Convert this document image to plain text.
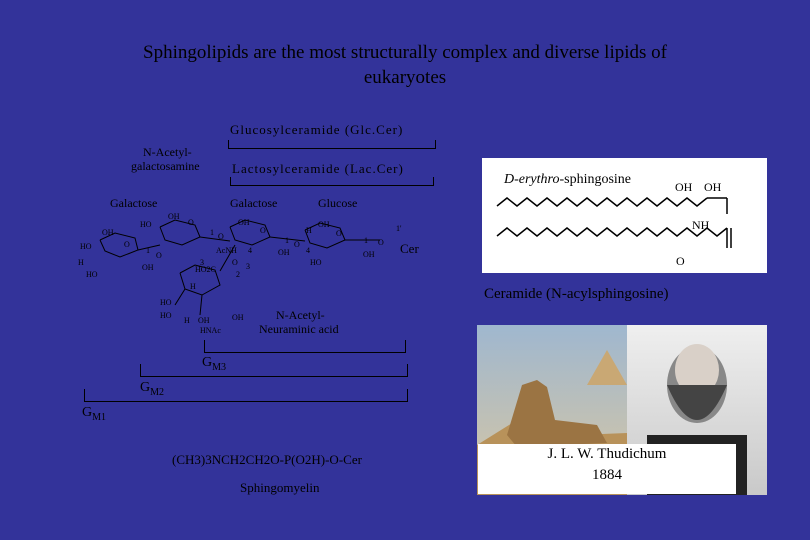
Sphingolipids are the most structurally complex and diverse lipids of
eukaryotes
Glucosylceramide (Glc.Cer)
Lactosylceramide (Lac.Cer)
N-Acetyl-
galactosamine
Galactose	Galactose	Glucose
N-Acetyl-
Neuraminic acid
$G_{M3}$
$G_{M2}$
$G_{M1}$
(CH3)3NCH2CH2O-P(O2H)-O-Cer
Sphingomyelin
HO
OH
H
HO
O
1
O
OH
HO
OH
O
3
1 O
AcNH 4
OH
O
1 O
OH
O 3
2
HO2C
H
OH
O
4
HO
1 O
OH
1'
H
HO
HO
H OH
HNAc
OH
Cer
D-erythro-sphingosine	OH OH
NH
O
Ceramide (N-acylsphingosine)
J. L. W. Thudichum
1884
